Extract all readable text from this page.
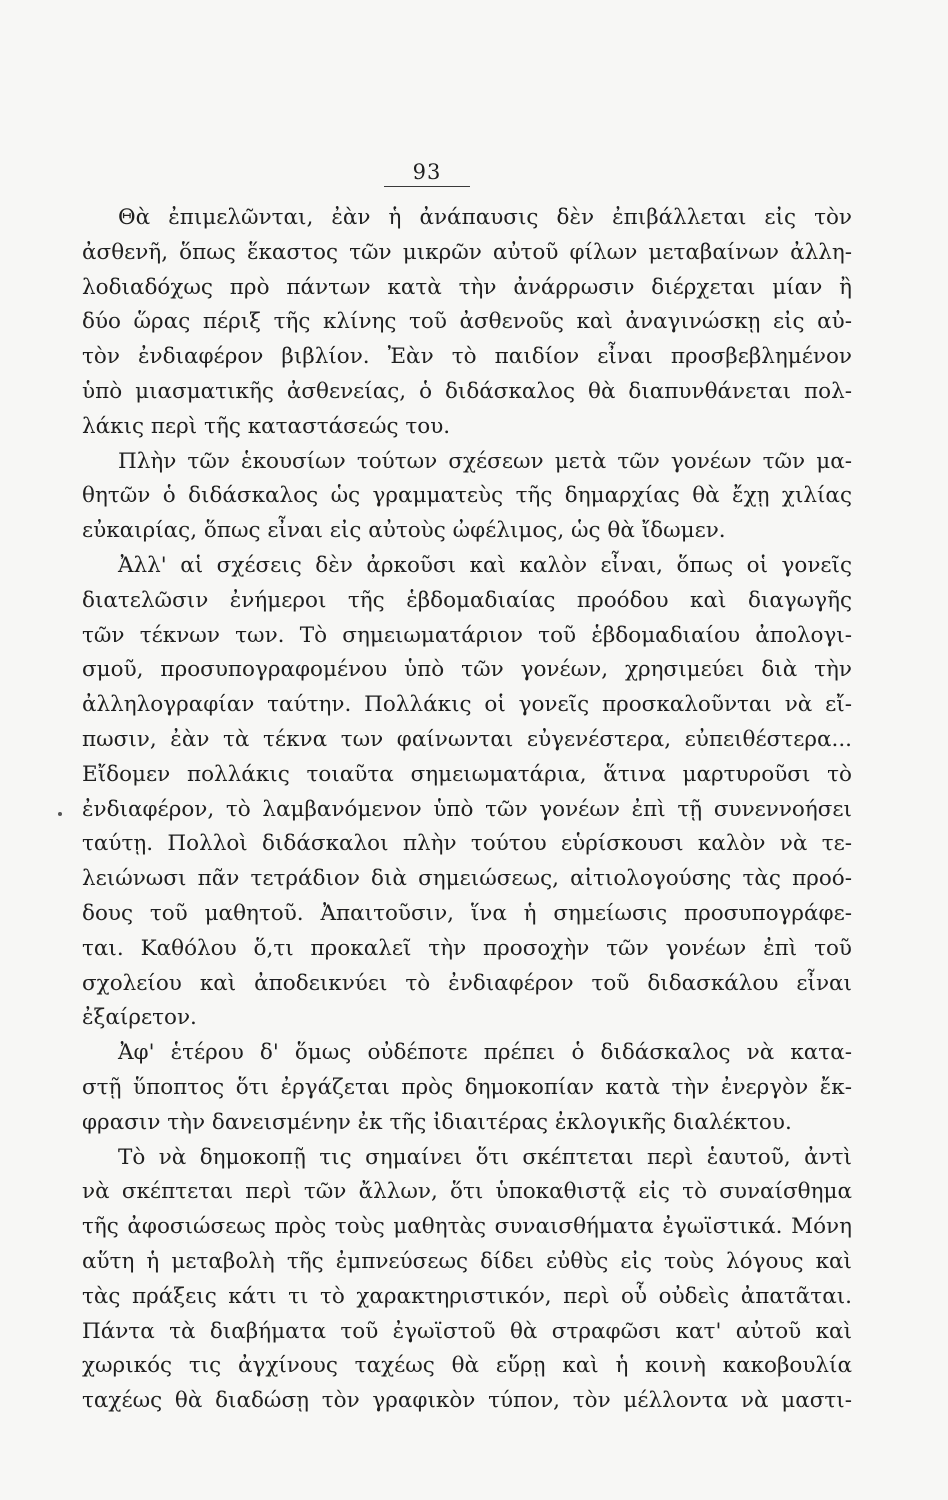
93
Θὰ ἐπιμελῶνται, ἐὰν ἡ ἀνάπαυσις δὲν ἐπιβάλλεται εἰς τὸν
ἀσθενῆ, ὅπως ἕκαστος τῶν μικρῶν αὐτοῦ φίλων μεταβαίνων ἀλλη-
λοδιαδόχως πρὸ πάντων κατὰ τὴν ἀνάρρωσιν διέρχεται μίαν ἢ
δύο ὥρας πέριξ τῆς κλίνης τοῦ ἀσθενοῦς καὶ ἀναγινώσκῃ εἰς αὐ-
τὸν ἐνδιαφέρον βιβλίον. Ἐὰν τὸ παιδίον εἶναι προσβεβλημένον
ὑπὸ μιασματικῆς ἀσθενείας, ὁ διδάσκαλος θὰ διαπυνθάνεται πολ-
λάκις περὶ τῆς καταστάσεώς του.
Πλὴν τῶν ἑκουσίων τούτων σχέσεων μετὰ τῶν γονέων τῶν μα-
θητῶν ὁ διδάσκαλος ὡς γραμματεὺς τῆς δημαρχίας θὰ ἔχῃ χιλίας
εὐκαιρίας, ὅπως εἶναι εἰς αὐτοὺς ὠφέλιμος, ὡς θὰ ἴδωμεν.
Ἀλλ' αἱ σχέσεις δὲν ἀρκοῦσι καὶ καλὸν εἶναι, ὅπως οἱ γονεῖς
διατελῶσιν ἐνήμεροι τῆς ἑβδομαδιαίας προόδου καὶ διαγωγῆς
τῶν τέκνων των. Τὸ σημειωματάριον τοῦ ἑβδομαδιαίου ἀπολογι-
σμοῦ, προσυπογραφομένου ὑπὸ τῶν γονέων, χρησιμεύει διὰ τὴν
ἀλληλογραφίαν ταύτην. Πολλάκις οἱ γονεῖς προσκαλοῦνται νὰ εἴ-
πωσιν, ἐὰν τὰ τέκνα των φαίνωνται εὐγενέστερα, εὐπειθέστερα...
Εἴδομεν πολλάκις τοιαῦτα σημειωματάρια, ἅτινα μαρτυροῦσι τὸ
ἐνδιαφέρον, τὸ λαμβανόμενον ὑπὸ τῶν γονέων ἐπὶ τῇ συνεννοήσει
ταύτῃ. Πολλοὶ διδάσκαλοι πλὴν τούτου εὑρίσκουσι καλὸν νὰ τε-
λειώνωσι πᾶν τετράδιον διὰ σημειώσεως, αἰτιολογούσης τὰς προό-
δους τοῦ μαθητοῦ. Ἀπαιτοῦσιν, ἵνα ἡ σημείωσις προσυπογράφε-
ται. Καθόλου ὅ,τι προκαλεῖ τὴν προσοχὴν τῶν γονέων ἐπὶ τοῦ
σχολείου καὶ ἀποδεικνύει τὸ ἐνδιαφέρον τοῦ διδασκάλου εἶναι
ἐξαίρετον.
Ἀφ' ἑτέρου δ' ὅμως οὐδέποτε πρέπει ὁ διδάσκαλος νὰ κατα-
στῇ ὕποπτος ὅτι ἐργάζεται πρὸς δημοκοπίαν κατὰ τὴν ἐνεργὸν ἔκ-
φρασιν τὴν δανεισμένην ἐκ τῆς ἰδιαιτέρας ἐκλογικῆς διαλέκτου.
Τὸ νὰ δημοκοπῇ τις σημαίνει ὅτι σκέπτεται περὶ ἑαυτοῦ, ἀντὶ
νὰ σκέπτεται περὶ τῶν ἄλλων, ὅτι ὑποκαθιστᾷ εἰς τὸ συναίσθημα
τῆς ἀφοσιώσεως πρὸς τοὺς μαθητὰς συναισθήματα ἐγωϊστικά. Μόνη
αὕτη ἡ μεταβολὴ τῆς ἐμπνεύσεως δίδει εὐθὺς εἰς τοὺς λόγους καὶ
τὰς πράξεις κάτι τι τὸ χαρακτηριστικόν, περὶ οὗ οὐδεὶς ἀπατᾶται.
Πάντα τὰ διαβήματα τοῦ ἐγωϊστοῦ θὰ στραφῶσι κατ' αὐτοῦ καὶ
χωρικός τις ἀγχίνους ταχέως θὰ εὕρῃ καὶ ἡ κοινὴ κακοβουλία
ταχέως θὰ διαδώσῃ τὸν γραφικὸν τύπον, τὸν μέλλοντα νὰ μαστι-
